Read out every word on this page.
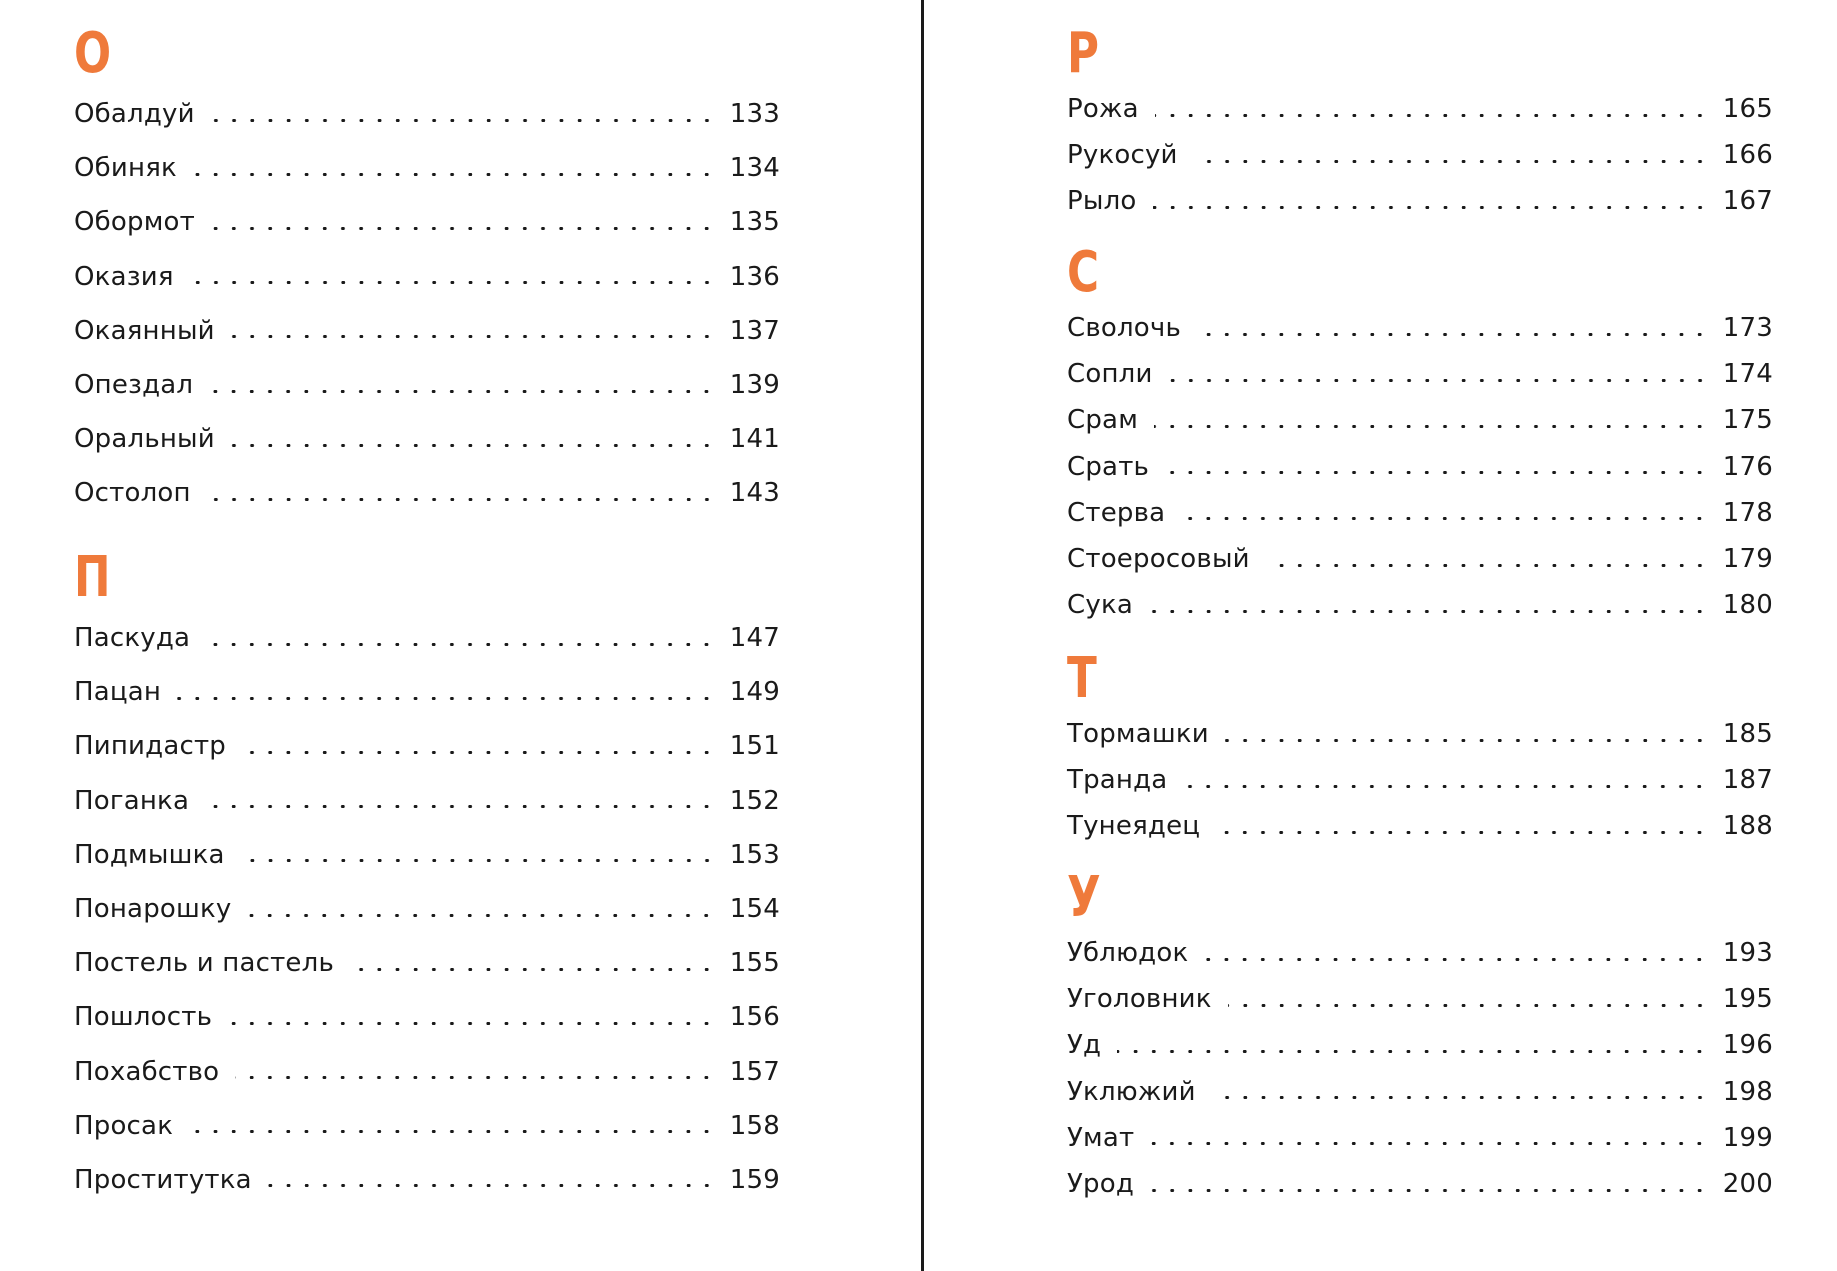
О
Обалдуй	133
Обиняк	134
Обормот	135
Оказия	136
Окаянный	137
Опездал	139
Оральный	141
Остолоп	143
П
Паскуда	147
Пацан	149
Пипидастр	151
Поганка	152
Подмышка	153
Понарошку	154
Постель и пастель	155
Пошлость	156
Похабство	157
Просак	158
Проститутка	159
Р
Рожа	165
Рукосуй	166
Рыло	167
С
Сволочь	173
Сопли	174
Срам	175
Срать	176
Стерва	178
Стоеросовый	179
Сука	180
Т
Тормашки	185
Транда	187
Тунеядец	188
У
Ублюдок	193
Уголовник	195
Уд	196
Уклюжий	198
Умат	199
Урод	200
